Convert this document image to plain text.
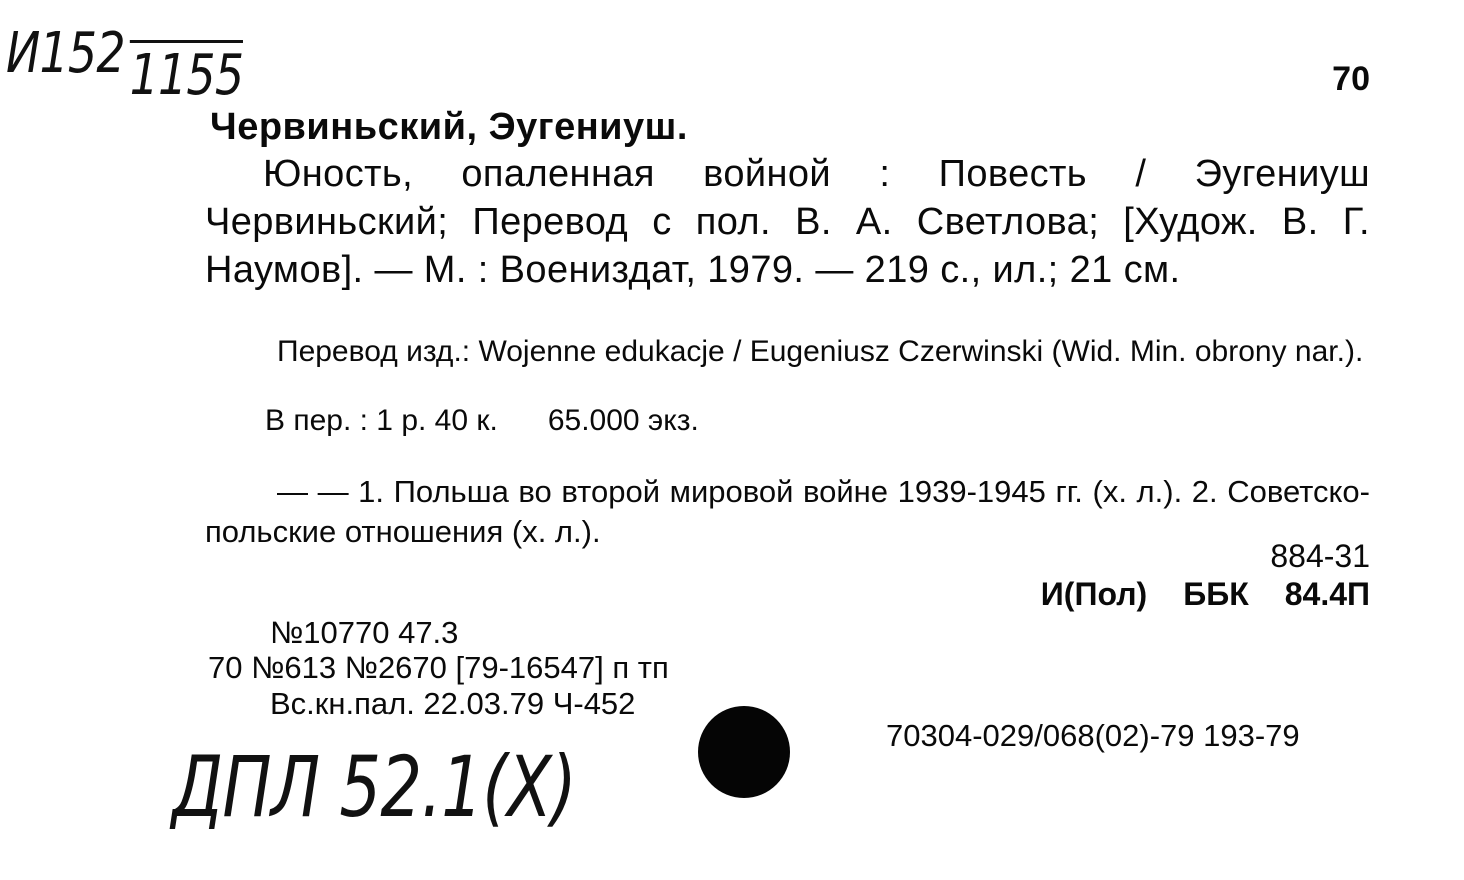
И1521155	70
Червиньский, Эугениуш.
Юность, опаленная войной : Повесть / Эугениуш Червиньский; Перевод с пол. В. А. Светлова; [Худож. В. Г. Наумов]. — М. : Воениздат, 1979. — 219 с., ил.; 21 см.
Перевод изд.: Wojenne edukacje / Eugeniusz Czerwinski (Wid. Min. obrony nar.).
В пер. : 1 р. 40 к. 65.000 экз.
— — 1. Польша во второй мировой войне 1939-1945 гг. (х. л.). 2. Советско-польские отношения (х. л.).
884-31
И(Пол) ББК 84.4П
№10770 47.3
70 №613 №2670 [79-16547] п тп
Вс.кн.пал. 22.03.79 Ч-452
70304-029/068(02)-79 193-79
ДПЛ 52.1(Х)
